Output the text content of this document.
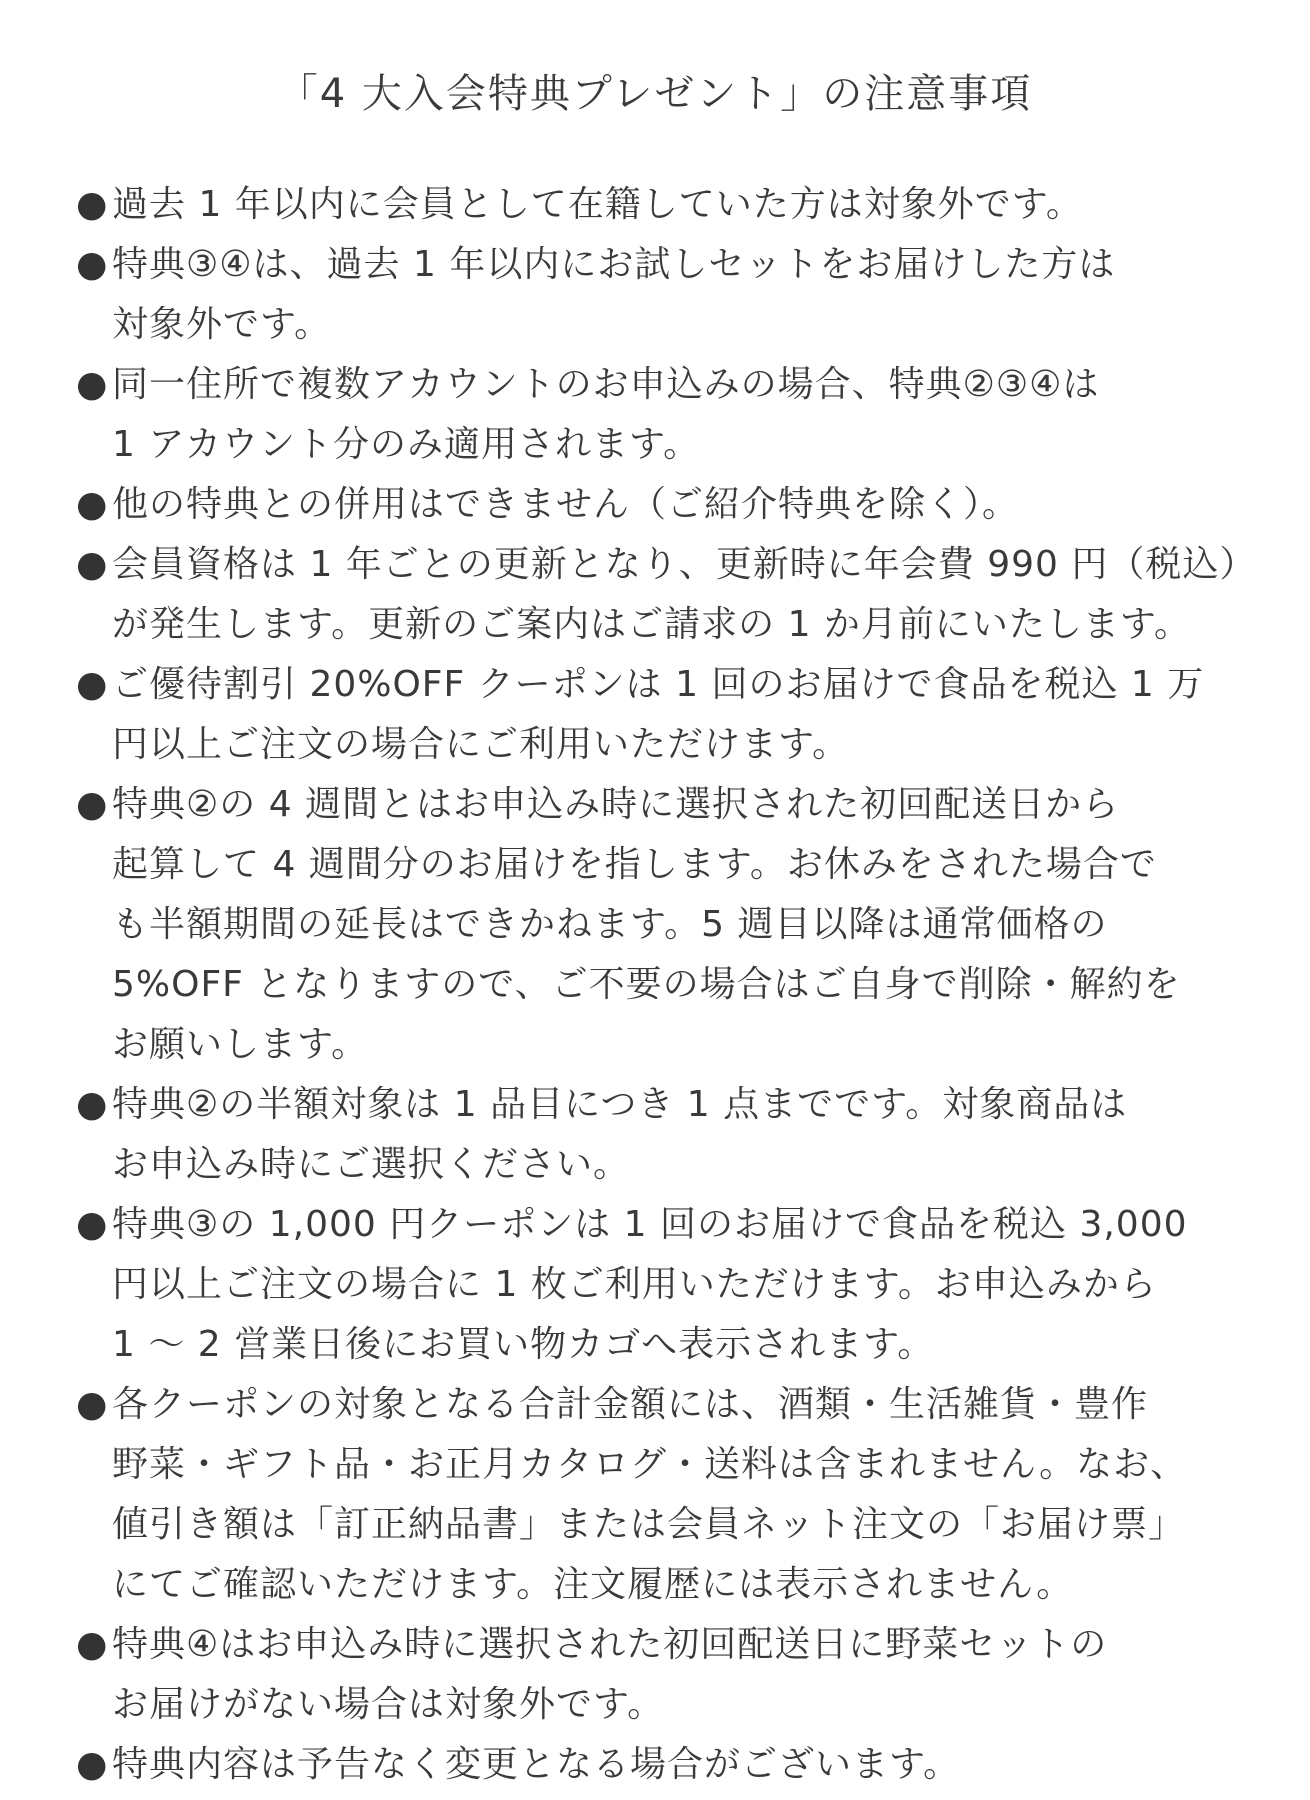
「4 大入会特典プレゼント」の注意事項
● 過去 1 年以内に会員として在籍していた方は対象外です。
● 特典③④は、過去 1 年以内にお試しセットをお届けした方は
対象外です。
● 同一住所で複数アカウントのお申込みの場合、特典②③④は
1 アカウント分のみ適用されます。
● 他の特典との併用はできません（ご紹介特典を除く）。
● 会員資格は 1 年ごとの更新となり、更新時に年会費 990 円（税込）
が発生します。更新のご案内はご請求の 1 か月前にいたします。
● ご優待割引 20%OFF クーポンは 1 回のお届けで食品を税込 1 万
円以上ご注文の場合にご利用いただけます。
● 特典②の 4 週間とはお申込み時に選択された初回配送日から
起算して 4 週間分のお届けを指します。お休みをされた場合で
も半額期間の延長はできかねます。5 週目以降は通常価格の
5%OFF となりますので、ご不要の場合はご自身で削除・解約を
お願いします。
● 特典②の半額対象は 1 品目につき 1 点までです。対象商品は
お申込み時にご選択ください。
● 特典③の 1,000 円クーポンは 1 回のお届けで食品を税込 3,000
円以上ご注文の場合に 1 枚ご利用いただけます。お申込みから
1 ～ 2 営業日後にお買い物カゴへ表示されます。
● 各クーポンの対象となる合計金額には、酒類・生活雑貨・豊作
野菜・ギフト品・お正月カタログ・送料は含まれません。なお、
値引き額は「訂正納品書」または会員ネット注文の「お届け票」
にてご確認いただけます。注文履歴には表示されません。
● 特典④はお申込み時に選択された初回配送日に野菜セットの
お届けがない場合は対象外です。
● 特典内容は予告なく変更となる場合がございます。
